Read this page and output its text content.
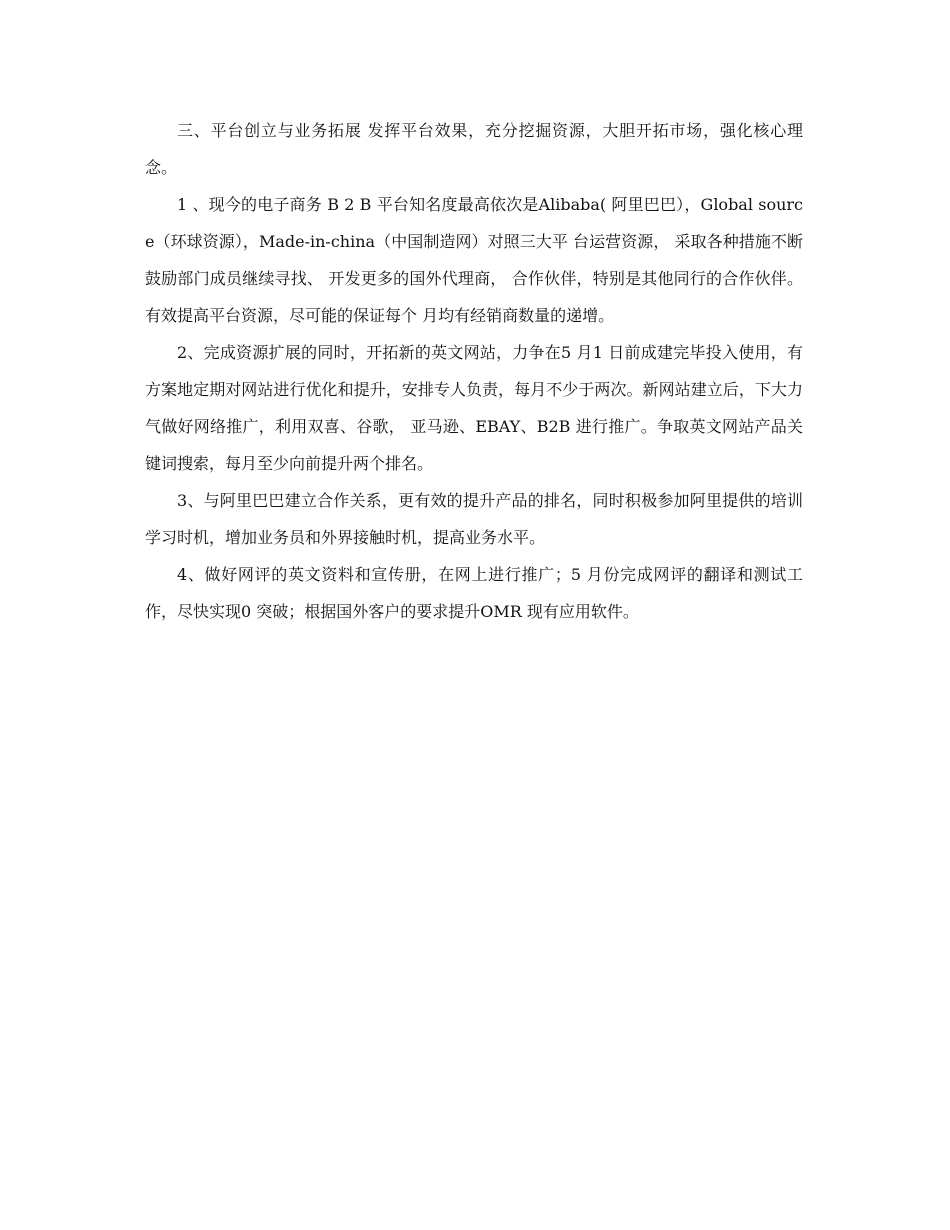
三、平台创立与业务拓展 发挥平台效果，充分挖掘资源，大胆开拓市场，强化核心理念。

1 、现今的电子商务 B 2 B 平台知名度最高依次是Alibaba( 阿里巴巴），Global source（环球资源），Made-in-china（中国制造网）对照三大平 台运营资源， 采取各种措施不断鼓励部门成员继续寻找、 开发更多的国外代理商， 合作伙伴，特别是其他同行的合作伙伴。有效提高平台资源，尽可能的保证每个 月均有经销商数量的递增。

2、完成资源扩展的同时，开拓新的英文网站，力争在5 月1 日前成建完毕投入使用，有方案地定期对网站进行优化和提升，安排专人负责，每月不少于两次。新网站建立后，下大力气做好网络推广，利用双喜、谷歌， 亚马逊、EBAY、B2B 进行推广。争取英文网站产品关键词搜索，每月至少向前提升两个排名。

3、与阿里巴巴建立合作关系，更有效的提升产品的排名，同时积极参加阿里提供的培训学习时机，增加业务员和外界接触时机，提高业务水平。

4、做好网评的英文资料和宣传册，在网上进行推广；5 月份完成网评的翻译和测试工作，尽快实现0 突破；根据国外客户的要求提升OMR 现有应用软件。
